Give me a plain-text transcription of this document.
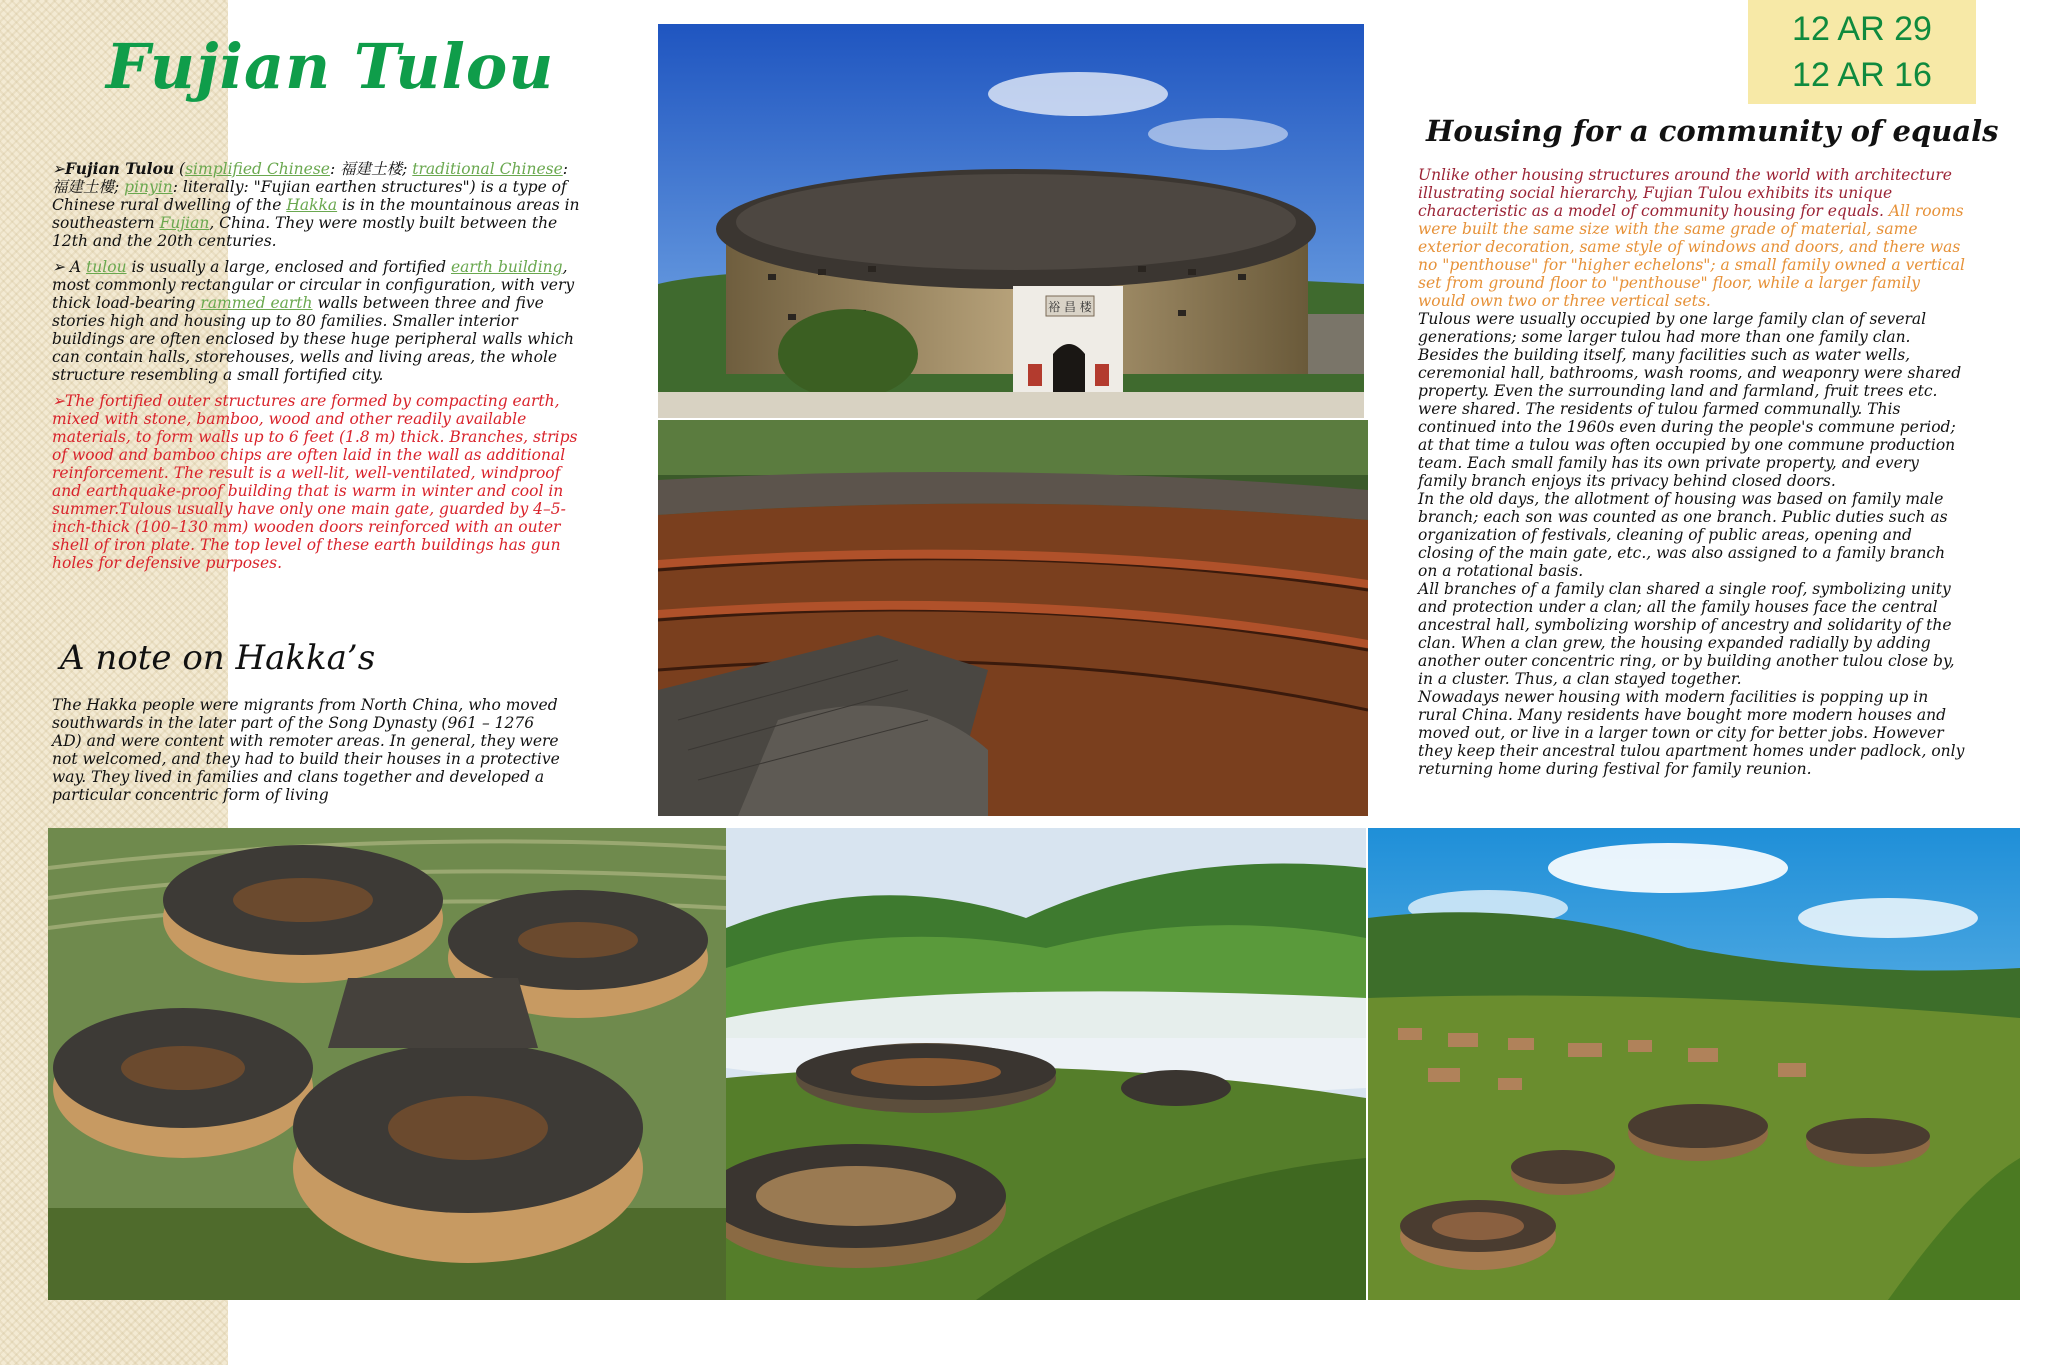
Fujian Tulou
12 AR 29
12 AR 16

➢Fujian Tulou (simplified Chinese: 福建土楼; traditional Chinese: 福建土樓; pinyin: literally: "Fujian earthen structures") is a type of Chinese rural dwelling of the Hakka is in the mountainous areas in southeastern Fujian, China. They were mostly built between the 12th and the 20th centuries.

➢ A tulou is usually a large, enclosed and fortified earth building, most commonly rectangular or circular in configuration, with very thick load-bearing rammed earth walls between three and five stories high and housing up to 80 families. Smaller interior buildings are often enclosed by these huge peripheral walls which can contain halls, storehouses, wells and living areas, the whole structure resembling a small fortified city.

➢The fortified outer structures are formed by compacting earth, mixed with stone, bamboo, wood and other readily available materials, to form walls up to 6 feet (1.8 m) thick. Branches, strips of wood and bamboo chips are often laid in the wall as additional reinforcement. The result is a well-lit, well-ventilated, windproof and earthquake-proof building that is warm in winter and cool in summer.Tulous usually have only one main gate, guarded by 4–5-inch-thick (100–130 mm) wooden doors reinforced with an outer shell of iron plate. The top level of these earth buildings has gun holes for defensive purposes.

A note on Hakka’s
The Hakka people were migrants from North China, who moved southwards in the later part of the Song Dynasty (961 – 1276 AD) and were content with remoter areas. In general, they were not welcomed, and they had to build their houses in a protective way. They lived in families and clans together and developed a particular concentric form of living
Housing for a community of equals

Unlike other housing structures around the world with architecture illustrating social hierarchy, Fujian Tulou exhibits its unique characteristic as a model of community housing for equals. All rooms were built the same size with the same grade of material, same exterior decoration, same style of windows and doors, and there was no "penthouse" for "higher echelons"; a small family owned a vertical set from ground floor to "penthouse" floor, while a larger family would own two or three vertical sets.

Tulous were usually occupied by one large family clan of several generations; some larger tulou had more than one family clan. Besides the building itself, many facilities such as water wells, ceremonial hall, bathrooms, wash rooms, and weaponry were shared property. Even the surrounding land and farmland, fruit trees etc. were shared. The residents of tulou farmed communally. This continued into the 1960s even during the people's commune period; at that time a tulou was often occupied by one commune production team. Each small family has its own private property, and every family branch enjoys its privacy behind closed doors.

In the old days, the allotment of housing was based on family male branch; each son was counted as one branch. Public duties such as organization of festivals, cleaning of public areas, opening and closing of the main gate, etc., was also assigned to a family branch on a rotational basis.

All branches of a family clan shared a single roof, symbolizing unity and protection under a clan; all the family houses face the central ancestral hall, symbolizing worship of ancestry and solidarity of the clan. When a clan grew, the housing expanded radially by adding another outer concentric ring, or by building another tulou close by, in a cluster. Thus, a clan stayed together.

Nowadays newer housing with modern facilities is popping up in rural China. Many residents have bought more modern houses and moved out, or live in a larger town or city for better jobs. However they keep their ancestral tulou apartment homes under padlock, only returning home during festival for family reunion.

裕 昌 楼
